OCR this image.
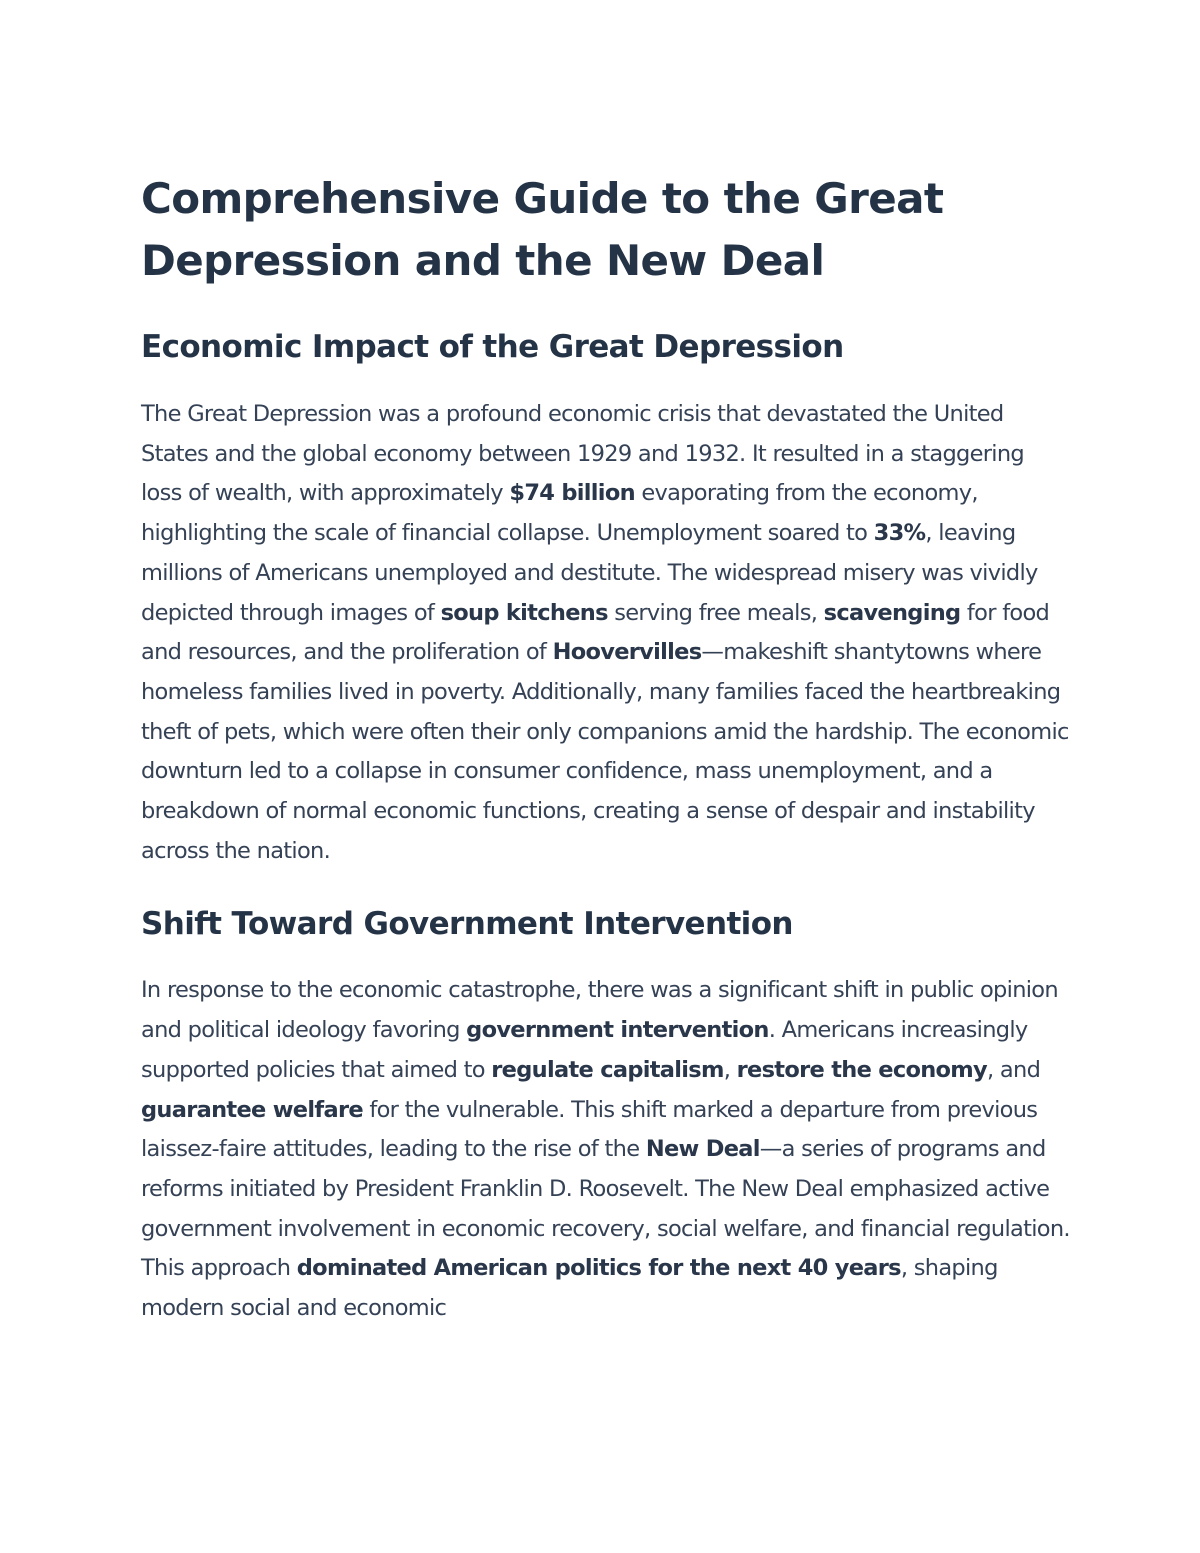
Comprehensive Guide to the Great
Depression and the New Deal
Economic Impact of the Great Depression

The Great Depression was a profound economic crisis that devastated the United States and the global economy between 1929 and 1932. It resulted in a staggering loss of wealth, with approximately $74 billion evaporating from the economy, highlighting the scale of financial collapse. Unemployment soared to 33%, leaving millions of Americans unemployed and destitute. The widespread misery was vividly depicted through images of soup kitchens serving free meals, scavenging for food and resources, and the proliferation of Hoovervilles—makeshift shantytowns where homeless families lived in poverty. Additionally, many families faced the heartbreaking theft of pets, which were often their only companions amid the hardship. The economic downturn led to a collapse in consumer confidence, mass unemployment, and a breakdown of normal economic functions, creating a sense of despair and instability across the nation.

Shift Toward Government Intervention

In response to the economic catastrophe, there was a significant shift in public opinion and political ideology favoring government intervention. Americans increasingly supported policies that aimed to regulate capitalism, restore the economy, and guarantee welfare for the vulnerable. This shift marked a departure from previous laissez-faire attitudes, leading to the rise of the New Deal—a series of programs and reforms initiated by President Franklin D. Roosevelt. The New Deal emphasized active government involvement in economic recovery, social welfare, and financial regulation. This approach dominated American politics for the next 40 years, shaping modern social and economic
